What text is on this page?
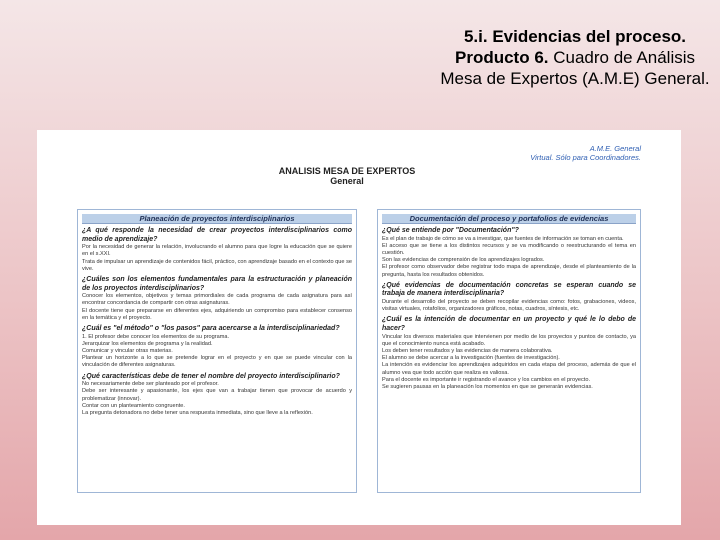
5.i. Evidencias del proceso.
Producto 6. Cuadro de Análisis Mesa de Expertos (A.M.E) General.
A.M.E. General
Virtual. Sólo para Coordinadores.
ANALISIS MESA DE EXPERTOS
General
Planeación de proyectos interdisciplinarios
¿A qué responde la necesidad de crear proyectos interdisciplinarios como medio de aprendizaje?
Por la necesidad de generar la relación, involucrando el alumno para que logre la educación que se quiere en el s.XXI.
Trata de impulsar un aprendizaje de contenidos fácil, práctico, con aprendizaje basado en el contexto que se vive.
¿Cuáles son los elementos fundamentales para la estructuración y planeación de los proyectos interdisciplinarios?
Conocer los elementos, objetivos y temas primordiales de cada programa de cada asignatura para así encontrar concordancia de compartir con otras asignaturas.
El docente tiene que prepararse en diferentes ejes, adquiriendo un compromiso para establecer consenso en la temática y el proyecto.
¿Cuál es "el método" o "los pasos" para acercarse a la interdisciplinariedad?
1. El profesor debe conocer los elementos de su programa.
Jerarquizar los elementos de programa y la realidad.
Comunicar y vincular otras materias.
Plantear un horizonte a lo que se pretende lograr en el proyecto y en que se puede vincular con la vinculación de diferentes asignaturas.
¿Qué características debe de tener el nombre del proyecto interdisciplinario?
No necesariamente debe ser planteado por el profesor.
Debe ser interesante y apasionante, los ejes que van a trabajar tienen que provocar de acuerdo y problematizar (innovar).
Contar con un planteamiento congruente.
La pregunta detonadora no debe tener una respuesta inmediata, sino que lleve a la reflexión.
Documentación del proceso y portafolios de evidencias
¿Qué se entiende por "Documentación"?
Es el plan de trabajo de cómo se va a investigar, que fuentes de información se toman en cuenta.
El acceso que se tiene a los distintos recursos y se va modificando o reestructurando el tema en cuestión.
Son las evidencias de comprensión de los aprendizajes logrados.
El profesor como observador debe registrar todo mapa de aprendizaje, desde el planteamiento de la pregunta, hasta los resultados obtenidos.
¿Qué evidencias de documentación concretas se esperan cuando se trabaja de manera interdisciplinaria?
Durante el desarrollo del proyecto se deben recopilar evidencias como: fotos, grabaciones, videos, visitas virtuales, rotafolios, organizadores gráficos, notas, cuadros, síntesis, etc.
¿Cuál es la intención de documentar en un proyecto y qué le lo debo de hacer?
Vincular los diversos materiales que intervienen por medio de los proyectos y puntos de contacto, ya que el conocimiento nunca está acabado.
Los deben tener resultados y las evidencias de manera colaborativa.
El alumno se debe acercar a la investigación (fuentes de investigación).
La intención es evidenciar los aprendizajes adquiridos en cada etapa del proceso, además de que el alumno vea que todo acción que realiza es valiosa.
Para el docente es importante ir registrando el avance y los cambios en el proyecto.
Se sugieren pausas en la planeación los momentos en que se generarán evidencias.
